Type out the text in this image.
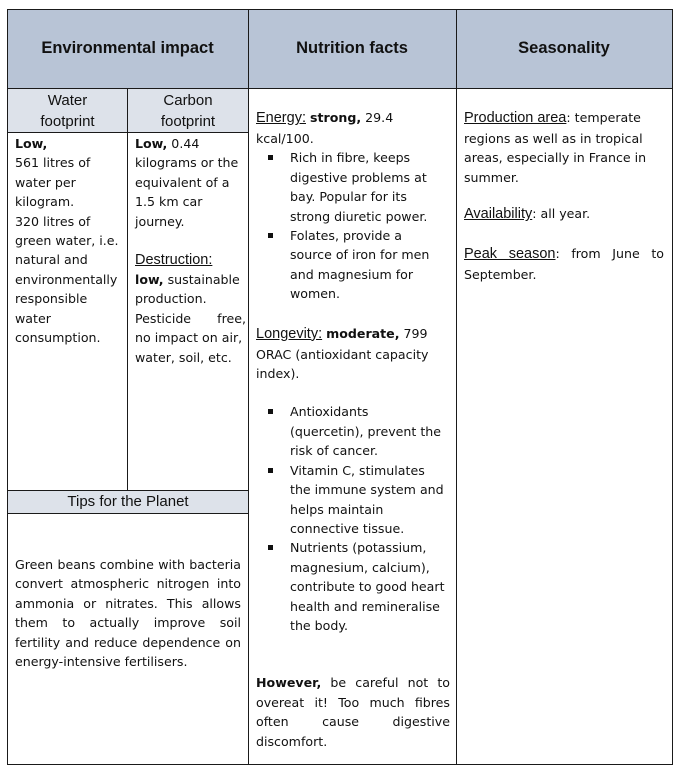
Environmental impact	Nutrition facts	Seasonality
Water
footprint
Carbon
footprint
Tips for the Planet
Low,
561 litres of
water per
kilogram.
320 litres of
green water, i.e.
natural and
environmentally
responsible
water
consumption.
Low, 0.44
kilograms or the
equivalent of a
1.5 km car
journey.
Destruction:
low, sustainable
production.
Pesticide free,
no impact on air,
water, soil, etc.
Green beans combine with bacteria
convert atmospheric nitrogen into
ammonia or nitrates. This allows
them to actually improve soil
fertility and reduce dependence on
energy-intensive fertilisers.
Energy: strong, 29.4
kcal/100.
Rich in fibre, keeps
digestive problems at
bay. Popular for its
strong diuretic power.
Folates, provide a
source of iron for men
and magnesium for
women.
Longevity: moderate, 799
ORAC (antioxidant capacity
index).
Antioxidants
(quercetin), prevent the
risk of cancer.
Vitamin C, stimulates
the immune system and
helps maintain
connective tissue.
Nutrients (potassium,
magnesium, calcium),
contribute to good heart
health and remineralise
the body.
However, be careful not to
overeat it! Too much fibres
often cause digestive
discomfort.
Production area: temperate
regions as well as in tropical
areas, especially in France in
summer.
Availability: all year.
Peak season: from June to
September.
